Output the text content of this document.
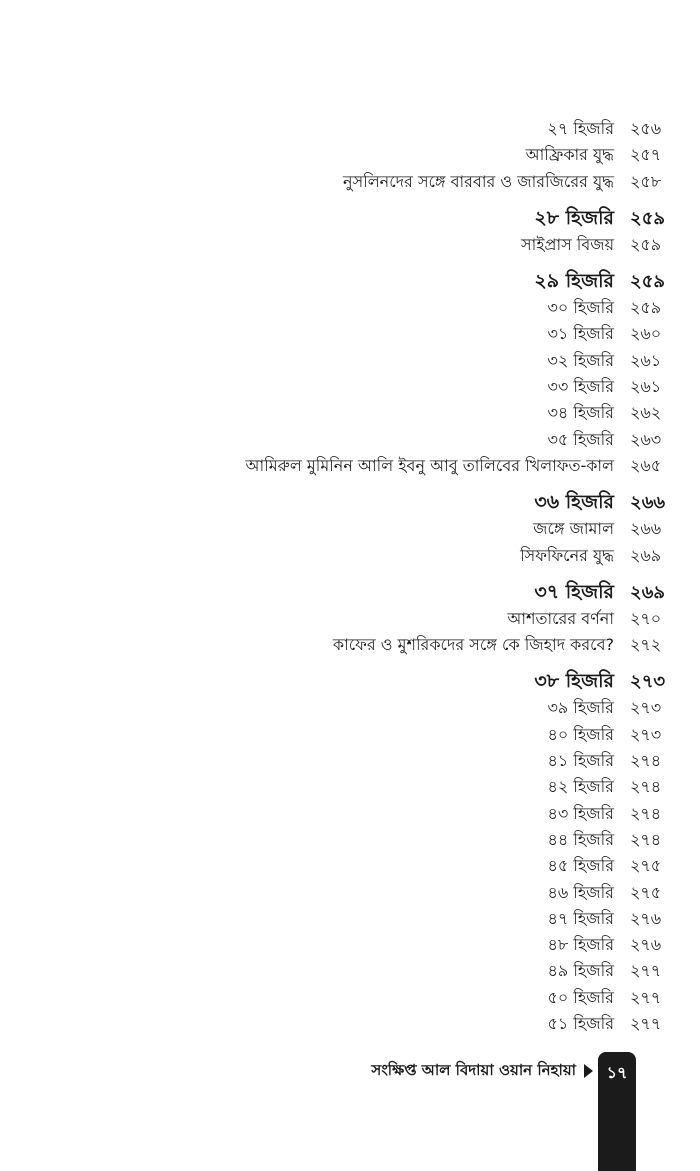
২৭ হিজরি	২৫৬
আফ্রিকার যুদ্ধ	২৫৭
নুসলিনদের সঙ্গে বারবার ও জারজিরের যুদ্ধ	২৫৮
২৮ হিজরি ২৫৯
সাইপ্রাস বিজয়	২৫৯
২৯ হিজরি ২৫৯
৩০ হিজরি	২৫৯
৩১ হিজরি	২৬০
৩২ হিজরি	২৬১
৩৩ হিজরি	২৬১
৩৪ হিজরি	২৬২
৩৫ হিজরি	২৬৩
আমিরুল মুমিনিন আলি ইবনু আবু তালিবের খিলাফত-কাল	২৬৫
৩৬ হিজরি ২৬৬
জঙ্গে জামাল	২৬৬
সিফফিনের যুদ্ধ	২৬৯
৩৭ হিজরি ২৬৯
আশতারের বর্ণনা	২৭০
কাফের ও মুশরিকদের সঙ্গে কে জিহাদ করবে?	২৭২
৩৮ হিজরি ২৭৩
৩৯ হিজরি	২৭৩
৪০ হিজরি	২৭৩
৪১ হিজরি	২৭৪
৪২ হিজরি	২৭৪
৪৩ হিজরি	২৭৪
৪৪ হিজরি	২৭৪
৪৫ হিজরি	২৭৫
৪৬ হিজরি	২৭৫
৪৭ হিজরি	২৭৬
৪৮ হিজরি	২৭৬
৪৯ হিজরি	২৭৭
৫০ হিজরি	২৭৭
৫১ হিজরি	২৭৭
সংক্ষিপ্ত আল বিদায়া ওয়ান নিহায়া	১৭
